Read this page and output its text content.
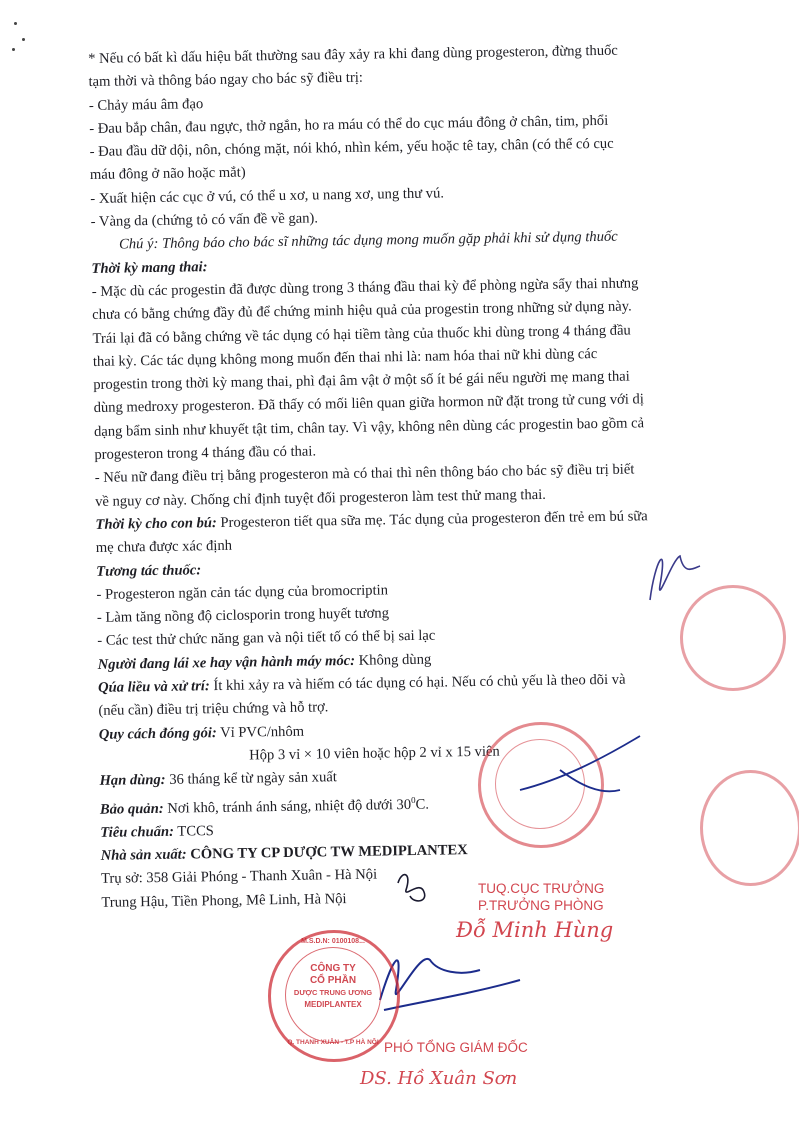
* Nếu có bất kì dấu hiệu bất thường sau đây xảy ra khi đang dùng progesteron, đừng thuốc
tạm thời và thông báo ngay cho bác sỹ điều trị:
- Chảy máu âm đạo
- Đau bắp chân, đau ngực, thở ngắn, ho ra máu có thể do cục máu đông ở chân, tim, phổi
- Đau đầu dữ dội, nôn, chóng mặt, nói khó, nhìn kém, yếu hoặc tê tay, chân (có thể có cục
máu đông ở não hoặc mắt)
- Xuất hiện các cục ở vú, có thể u xơ, u nang xơ, ung thư vú.
- Vàng da (chứng tỏ có vấn đề về gan).
Chú ý: Thông báo cho bác sĩ những tác dụng mong muốn gặp phải khi sử dụng thuốc
Thời kỳ mang thai:
- Mặc dù các progestin đã được dùng trong 3 tháng đầu thai kỳ để phòng ngừa sẩy thai nhưng
chưa có bằng chứng đầy đủ để chứng minh hiệu quả của progestin trong những sử dụng này.
Trái lại đã có bằng chứng về tác dụng có hại tiềm tàng của thuốc khi dùng trong 4 tháng đầu
thai kỳ. Các tác dụng không mong muốn đến thai nhi là: nam hóa thai nữ khi dùng các
progestin trong thời kỳ mang thai, phì đại âm vật ở một số ít bé gái nếu người mẹ mang thai
dùng medroxy progesteron. Đã thấy có mối liên quan giữa hormon nữ đặt trong tử cung với dị
dạng bẩm sinh như khuyết tật tim, chân tay. Vì vậy, không nên dùng các progestin bao gồm cả
progesteron trong 4 tháng đầu có thai.
- Nếu nữ đang điều trị bằng progesteron mà có thai thì nên thông báo cho bác sỹ điều trị biết
về nguy cơ này. Chống chỉ định tuyệt đối progesteron làm test thử mang thai.
Thời kỳ cho con bú: Progesteron tiết qua sữa mẹ. Tác dụng của progesteron đến trẻ em bú sữa
mẹ chưa được xác định
Tương tác thuốc:
- Progesteron ngăn cản tác dụng của bromocriptin
- Làm tăng nồng độ ciclosporin trong huyết tương
- Các test thử chức năng gan và nội tiết tố có thể bị sai lạc
Người đang lái xe hay vận hành máy móc: Không dùng
Qúa liều và xử trí: Ít khi xảy ra và hiếm có tác dụng có hại. Nếu có chủ yếu là theo dõi và
(nếu cần) điều trị triệu chứng và hỗ trợ.
Quy cách đóng gói: Vỉ PVC/nhôm
Hộp 3 vỉ × 10 viên hoặc hộp 2 vỉ x 15 viên
Hạn dùng: 36 tháng kể từ ngày sản xuất
Bảo quản: Nơi khô, tránh ánh sáng, nhiệt độ dưới $30^0C$.
Tiêu chuẩn: TCCS
Nhà sản xuất: CÔNG TY CP DƯỢC TW MEDIPLANTEX
Trụ sở: 358 Giải Phóng - Thanh Xuân - Hà Nội
Trung Hậu, Tiền Phong, Mê Linh, Hà Nội
TUQ.CỤC TRƯỞNG
P.TRƯỞNG PHÒNG
Đỗ Minh Hùng
M.S.D.N: 0100108...
CÔNG TY
CỔ PHẦN
DƯỢC TRUNG ƯƠNG
MEDIPLANTEX
Q. THANH XUÂN - T.P HÀ NỘI PHÓ TỔNG GIÁM ĐỐC
DS. Hồ Xuân Sơn
